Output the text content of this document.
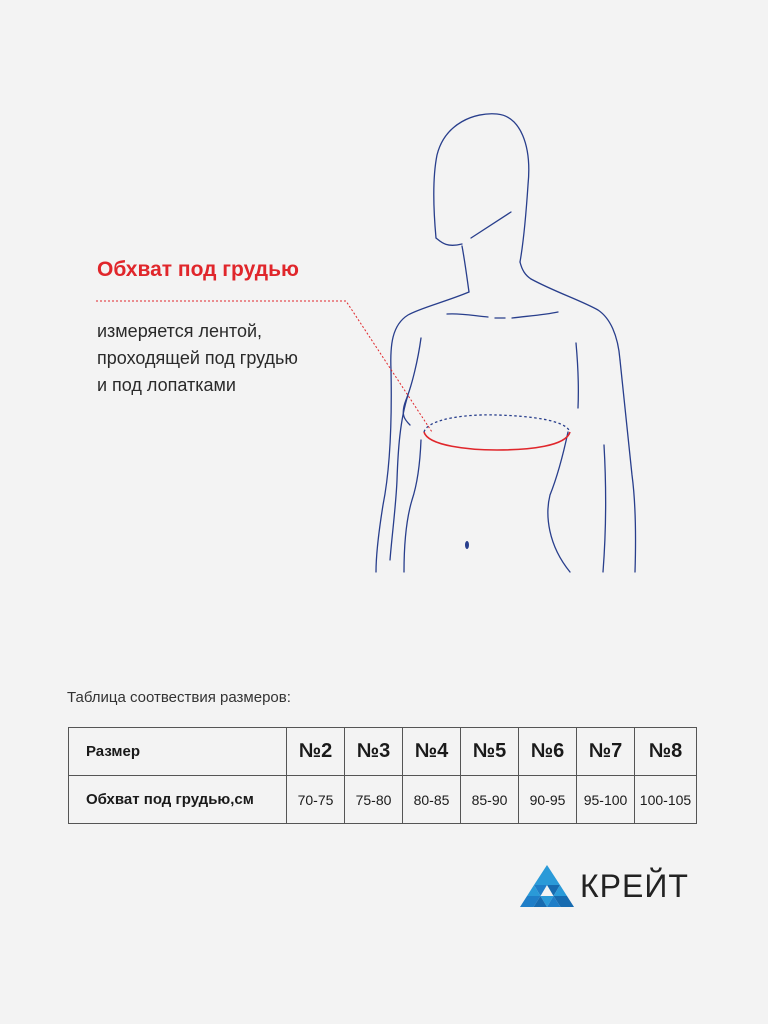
Обхват под грудью
измеряется лентой,
проходящей под грудью
и под лопатками
Таблица соотвествия размеров:
Размер	№2	№3	№4	№5	№6	№7	№8
Обхват под грудью,см	70-75	75-80	80-85	85-90	90-95	95-100	100-105
КРЕЙТ
